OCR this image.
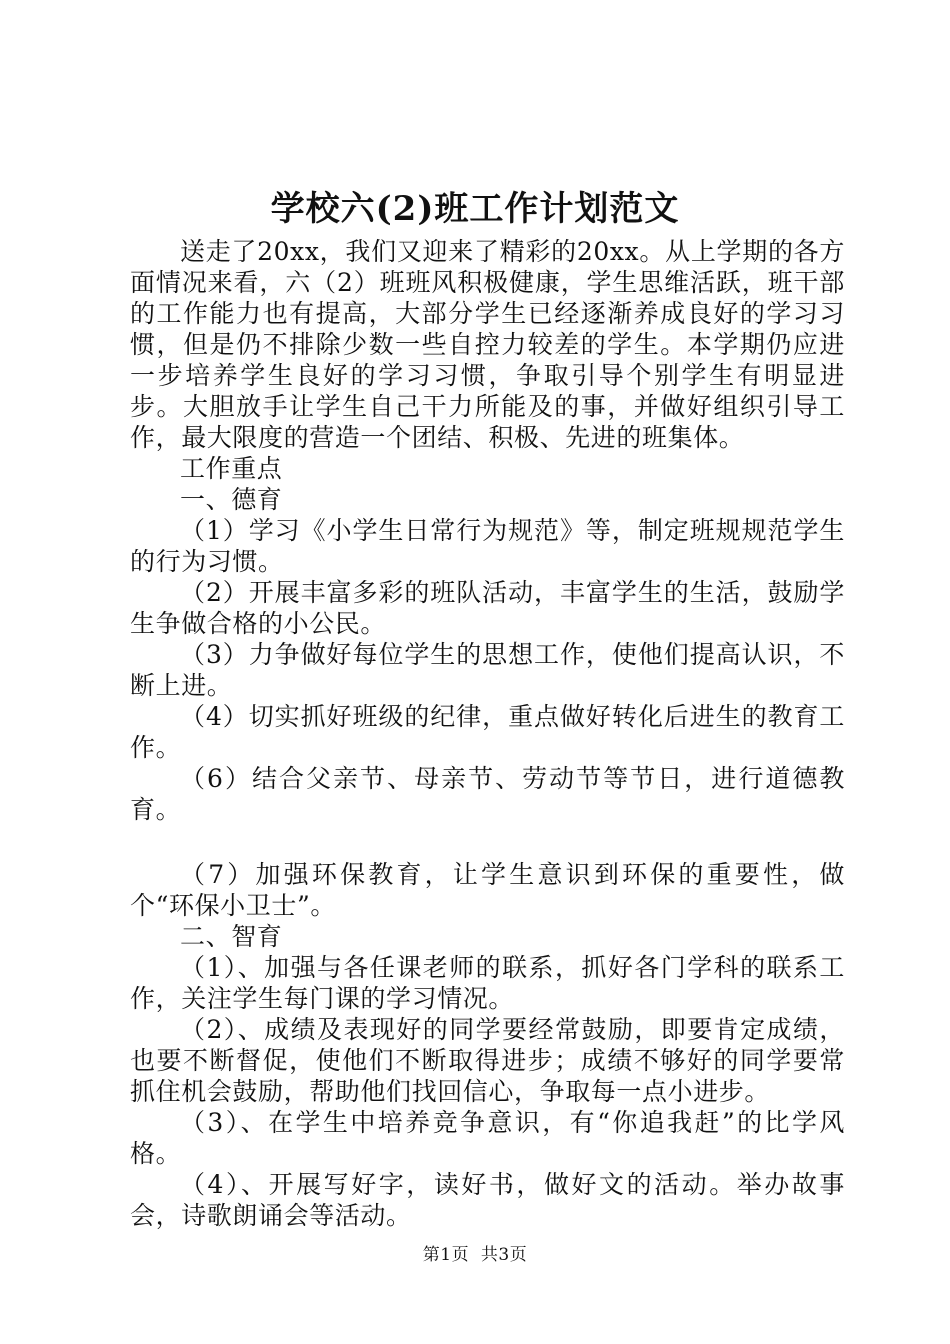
学校六(2)班工作计划范文

送走了20xx，我们又迎来了精彩的20xx。从上学期的各方面情况来看，六（2）班班风积极健康，学生思维活跃，班干部的工作能力也有提高，大部分学生已经逐渐养成良好的学习习惯，但是仍不排除少数一些自控力较差的学生。本学期仍应进一步培养学生良好的学习习惯，争取引导个别学生有明显进步。大胆放手让学生自己干力所能及的事，并做好组织引导工作，最大限度的营造一个团结、积极、先进的班集体。

工作重点

一、德育

（1）学习《小学生日常行为规范》等，制定班规规范学生的行为习惯。

（2）开展丰富多彩的班队活动，丰富学生的生活，鼓励学生争做合格的小公民。

（3）力争做好每位学生的思想工作，使他们提高认识，不断上进。

（4）切实抓好班级的纪律，重点做好转化后进生的教育工作。

（6）结合父亲节、母亲节、劳动节等节日，进行道德教育。

（7）加强环保教育，让学生意识到环保的重要性，做个“环保小卫士”。

二、智育

（1）、加强与各任课老师的联系，抓好各门学科的联系工作，关注学生每门课的学习情况。

（2）、成绩及表现好的同学要经常鼓励，即要肯定成绩，也要不断督促，使他们不断取得进步；成绩不够好的同学要常抓住机会鼓励，帮助他们找回信心，争取每一点小进步。

（3）、在学生中培养竞争意识，有“你追我赶”的比学风格。

（4）、开展写好字，读好书，做好文的活动。举办故事会，诗歌朗诵会等活动。

第1页  共3页
